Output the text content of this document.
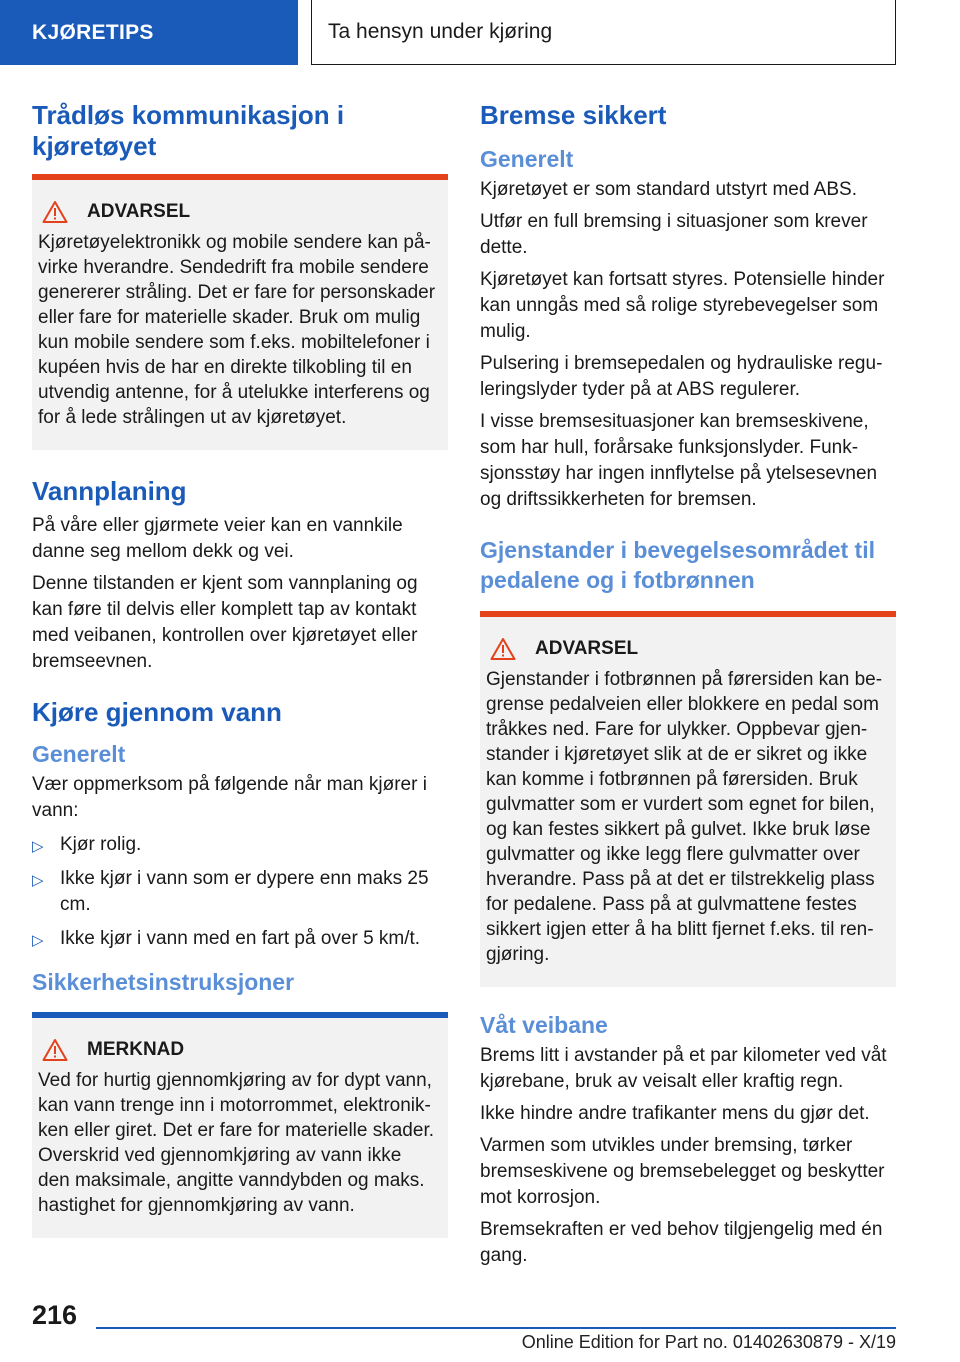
KJØRETIPS	Ta hensyn under kjøring
Trådløs kommunikasjon i kjøretøyet
ADVARSEL

Kjøretøyelektronikk og mobile sendere kan påvirke hverandre. Sendedrift fra mobile sendere genererer stråling. Det er fare for personskader eller fare for materielle skader. Bruk om mulig kun mobile sendere som f.eks. mobiltelefoner i kupéen hvis de har en direkte tilkobling til en utvendig antenne, for å utelukke interferens og for å lede strålingen ut av kjøretøyet.

Vannplaning

På våre eller gjørmete veier kan en vannkile danne seg mellom dekk og vei.

Denne tilstanden er kjent som vannplaning og kan føre til delvis eller komplett tap av kontakt med veibanen, kontrollen over kjøretøyet eller bremseevnen.

Kjøre gjennom vann
Generelt

Vær oppmerksom på følgende når man kjører i vann:

▷ Kjør rolig.
▷ Ikke kjør i vann som er dypere enn maks 25 cm.
▷ Ikke kjør i vann med en fart på over 5 km/t.
Sikkerhetsinstruksjoner
MERKNAD

Ved for hurtig gjennomkjøring av for dypt vann, kan vann trenge inn i motorrommet, elektronikken eller giret. Det er fare for materielle skader. Overskrid ved gjennomkjøring av vann ikke den maksimale, angitte vanndybden og maks. hastighet for gjennomkjøring av vann.

Bremse sikkert
Generelt

Kjøretøyet er som standard utstyrt med ABS.

Utfør en full bremsing i situasjoner som krever dette.

Kjøretøyet kan fortsatt styres. Potensielle hinder kan unngås med så rolige styrebevegelser som mulig.

Pulsering i bremsepedalen og hydrauliske reguleringslyder tyder på at ABS regulerer.

I visse bremsesituasjoner kan bremseskivene, som har hull, forårsake funksjonslyder. Funksjonsstøy har ingen innflytelse på ytelsesevnen og driftssikkerheten for bremsen.

Gjenstander i bevegelsesområdet til pedalene og i fotbrønnen
ADVARSEL

Gjenstander i fotbrønnen på førersiden kan begrense pedalveien eller blokkere en pedal som tråkkes ned. Fare for ulykker. Oppbevar gjenstander i kjøretøyet slik at de er sikret og ikke kan komme i fotbrønnen på førersiden. Bruk gulvmatter som er vurdert som egnet for bilen, og kan festes sikkert på gulvet. Ikke bruk løse gulvmatter og ikke legg flere gulvmatter over hverandre. Pass på at det er tilstrekkelig plass for pedalene. Pass på at gulvmattene festes sikkert igjen etter å ha blitt fjernet f.eks. til rengjøring.

Våt veibane

Brems litt i avstander på et par kilometer ved våt kjørebane, bruk av veisalt eller kraftig regn.

Ikke hindre andre trafikanter mens du gjør det.

Varmen som utvikles under bremsing, tørker bremseskivene og bremsebelegget og beskytter mot korrosjon.

Bremsekraften er ved behov tilgjengelig med én gang.

216
Online Edition for Part no. 01402630879 - X/19
